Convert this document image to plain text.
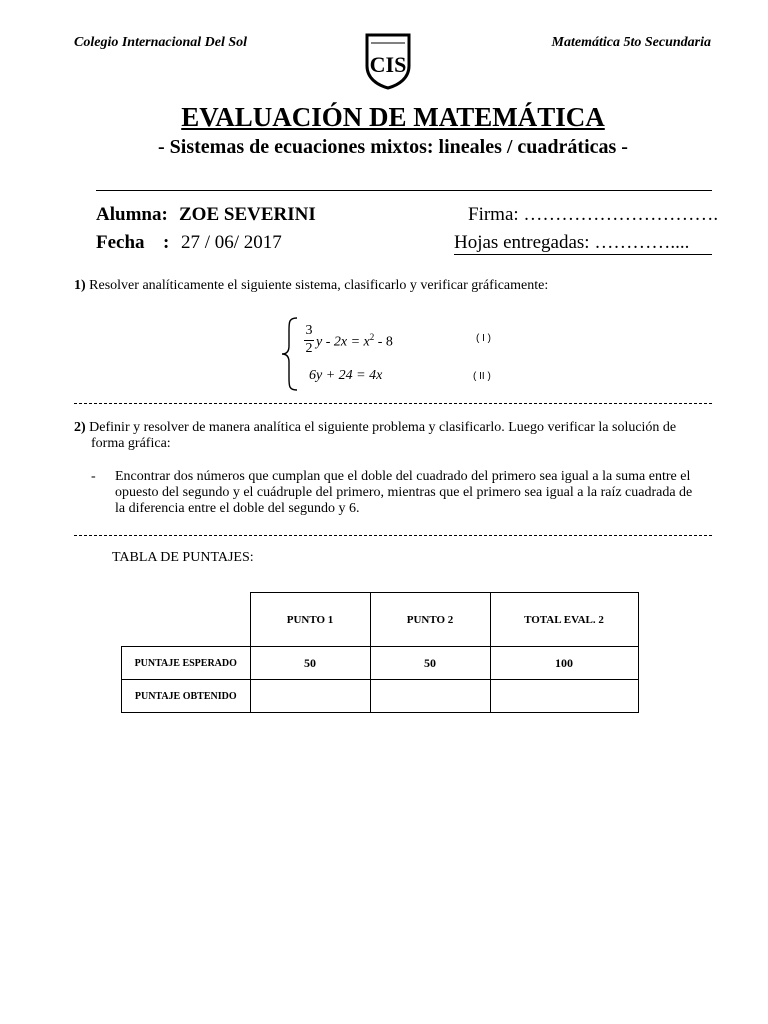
Colegio Internacional Del Sol	Matemática 5to Secundaria
CIS
EVALUACIÓN DE MATEMÁTICA
- Sistemas de ecuaciones mixtos: lineales / cuadráticas -
Alumna: ZOE SEVERINI	Firma: ………………………….
Fecha : 27 / 06/ 2017	Hojas entregadas: …………....
1) Resolver analíticamente el siguiente sistema, clasificarlo y verificar gráficamente:
3
2 $y - 2x = x^2 - 8$	( I )
6y + 24 = 4x	( II )
2) Definir y resolver de manera analítica el siguiente problema y clasificarlo. Luego verificar la solución de
forma gráfica:
- Encontrar dos números que cumplan que el doble del cuadrado del primero sea igual a la suma entre el
opuesto del segundo y el cuádruple del primero, mientras que el primero sea igual a la raíz cuadrada de
la diferencia entre el doble del segundo y 6.
TABLA DE PUNTAJES:
	PUNTO 1	PUNTO 2	TOTAL EVAL. 2
PUNTAJE ESPERADO	50	50	100
PUNTAJE OBTENIDO			
